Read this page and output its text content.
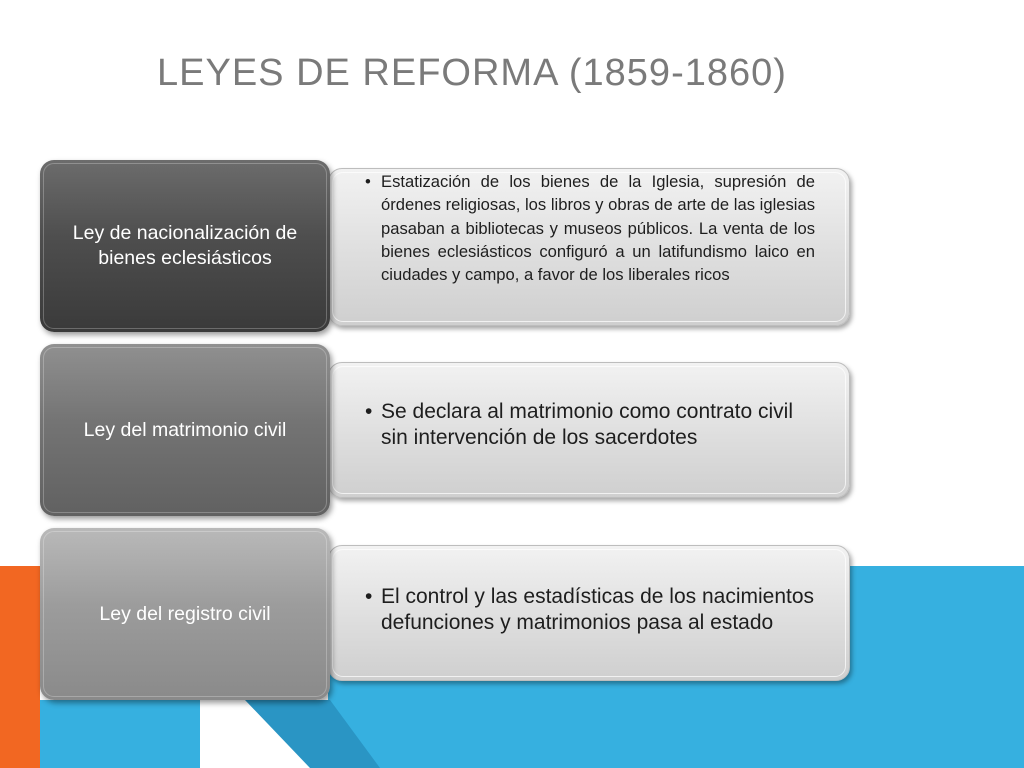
LEYES DE REFORMA (1859-1860)
• Estatización de los bienes de la Iglesia, supresión de órdenes religiosas, los libros y obras de arte de las iglesias pasaban a bibliotecas y museos públicos. La venta de los bienes eclesiásticos configuró a un latifundismo laico en ciudades y campo, a favor de los liberales ricos
• Se declara al matrimonio como contrato civil sin intervención de los sacerdotes
• El control y las estadísticas de los nacimientos defunciones y matrimonios pasa al estado
Ley de nacionalización de bienes eclesiásticos
Ley del matrimonio civil
Ley del registro civil
